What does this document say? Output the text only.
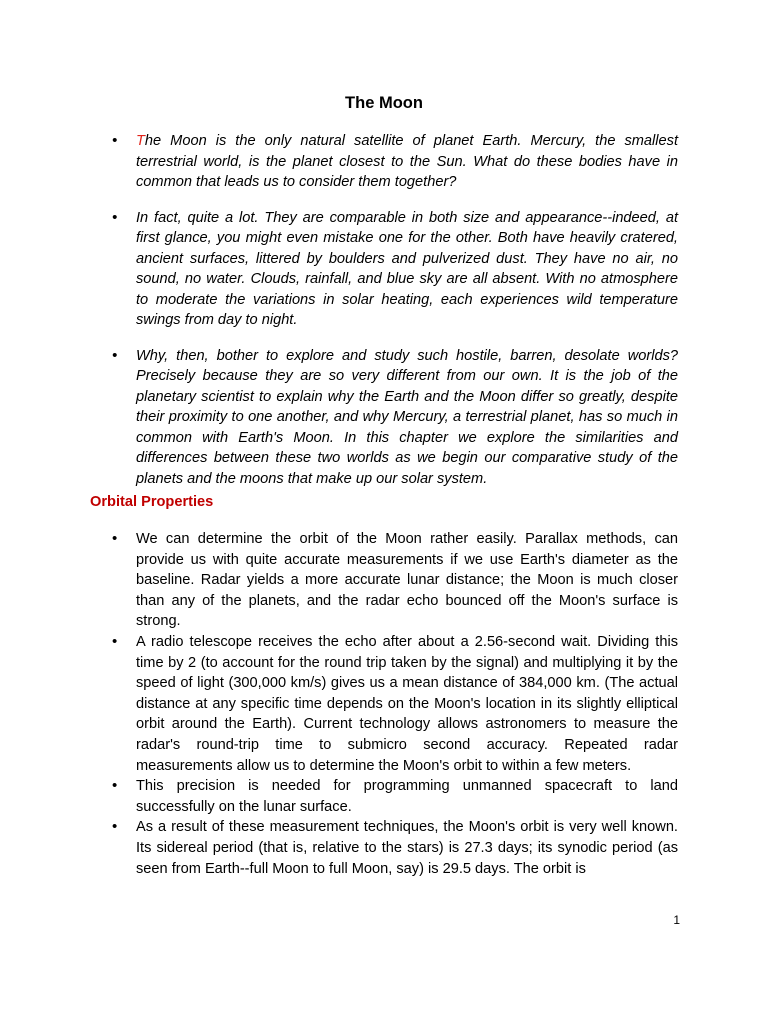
The Moon
• The Moon is the only natural satellite of planet Earth. Mercury, the smallest terrestrial world, is the planet closest to the Sun. What do these bodies have in common that leads us to consider them together?
• In fact, quite a lot. They are comparable in both size and appearance--indeed, at first glance, you might even mistake one for the other. Both have heavily cratered, ancient surfaces, littered by boulders and pulverized dust. They have no air, no sound, no water. Clouds, rainfall, and blue sky are all absent. With no atmosphere to moderate the variations in solar heating, each experiences wild temperature swings from day to night.
• Why, then, bother to explore and study such hostile, barren, desolate worlds? Precisely because they are so very different from our own. It is the job of the planetary scientist to explain why the Earth and the Moon differ so greatly, despite their proximity to one another, and why Mercury, a terrestrial planet, has so much in common with Earth's Moon. In this chapter we explore the similarities and differences between these two worlds as we begin our comparative study of the planets and the moons that make up our solar system.
Orbital Properties
• We can determine the orbit of the Moon rather easily. Parallax methods, can provide us with quite accurate measurements if we use Earth's diameter as the baseline. Radar yields a more accurate lunar distance; the Moon is much closer than any of the planets, and the radar echo bounced off the Moon's surface is strong.
• A radio telescope receives the echo after about a 2.56-second wait. Dividing this time by 2 (to account for the round trip taken by the signal) and multiplying it by the speed of light (300,000 km/s) gives us a mean distance of 384,000 km. (The actual distance at any specific time depends on the Moon's location in its slightly elliptical orbit around the Earth). Current technology allows astronomers to measure the radar's round-trip time to submicro second accuracy. Repeated radar measurements allow us to determine the Moon's orbit to within a few meters.
• This precision is needed for programming unmanned spacecraft to land successfully on the lunar surface.
• As a result of these measurement techniques, the Moon's orbit is very well known. Its sidereal period (that is, relative to the stars) is 27.3 days; its synodic period (as seen from Earth--full Moon to full Moon, say) is 29.5 days. The orbit is
1
